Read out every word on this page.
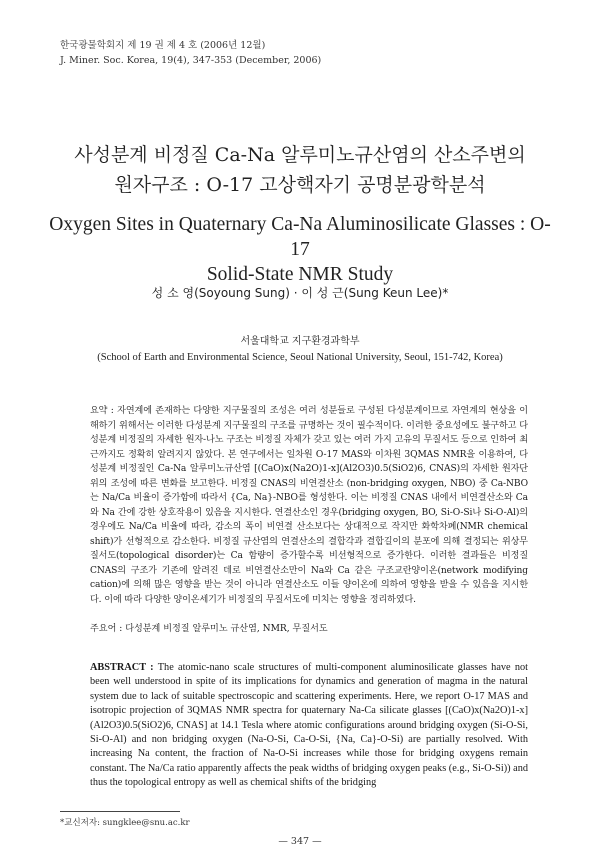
한국광물학회지 제 19 권 제 4 호 (2006년 12월)
J. Miner. Soc. Korea, 19(4), 347-353 (December, 2006)
사성분계 비정질 Ca-Na 알루미노규산염의 산소주변의
원자구조 : O-17 고상핵자기 공명분광학분석
Oxygen Sites in Quaternary Ca-Na Aluminosilicate Glasses : O-17
Solid-State NMR Study
성 소 영(Soyoung Sung) · 이 성 근(Sung Keun Lee)*
서울대학교 지구환경과학부
(School of Earth and Environmental Science, Seoul National University, Seoul, 151-742, Korea)
요약 : 자연계에 존재하는 다양한 지구물질의 조성은 여러 성분들로 구성된 다성분계이므로 자연계의 현상을 이해하기 위해서는 이러한 다성분계 지구물질의 구조를 규명하는 것이 필수적이다. 이러한 중요성에도 불구하고 다성분계 비정질의 자세한 원자-나노 구조는 비정질 자체가 갖고 있는 여러 가지 고유의 무질서도 등으로 인하여 최근까지도 정확히 알려지지 않았다. 본 연구에서는 일차원 O-17 MAS와 이차원 3QMAS NMR을 이용하여, 다성분계 비정질인 Ca-Na 알루미노규산염 [(CaO)x(Na2O)1-x](Al2O3)0.5(SiO2)6, CNAS)의 자세한 원자단위의 조성에 따른 변화를 보고한다. 비정질 CNAS의 비연결산소 (non-bridging oxygen, NBO) 중 Ca-NBO는 Na/Ca 비율이 증가함에 따라서 {Ca, Na}-NBO를 형성한다. 이는 비정질 CNAS 내에서 비연결산소와 Ca와 Na 간에 강한 상호작용이 있음을 지시한다. 연결산소인 경우(bridging oxygen, BO, Si-O-Si나 Si-O-Al)의 경우에도 Na/Ca 비율에 따라, 감소의 폭이 비연결 산소보다는 상대적으로 작지만 화학차폐(NMR chemical shift)가 선형적으로 감소한다. 비정질 규산염의 연결산소의 결합각과 결합길이의 분포에 의해 결정되는 위상무질서도(topological disorder)는 Ca 함량이 증가할수록 비선형적으로 증가한다. 이러한 결과들은 비정질 CNAS의 구조가 기존에 알려진 데로 비연결산소만이 Na와 Ca 같은 구조교란양이온(network modifying cation)에 의해 많은 영향을 받는 것이 아니라 연결산소도 이들 양이온에 의하여 영향을 받을 수 있음을 지시한다. 이에 따라 다양한 양이온세기가 비정질의 무질서도에 미치는 영향을 정리하였다.
주요어 : 다성분계 비정질 알루미노 규산염, NMR, 무질서도
ABSTRACT : The atomic-nano scale structures of multi-component aluminosilicate glasses have not been well understood in spite of its implications for dynamics and generation of magma in the natural system due to lack of suitable spectroscopic and scattering experiments. Here, we report O-17 MAS and isotropic projection of 3QMAS NMR spectra for quaternary Na-Ca silicate glasses [(CaO)x(Na2O)1-x](Al2O3)0.5(SiO2)6, CNAS] at 14.1 Tesla where atomic configurations around bridging oxygen (Si-O-Si, Si-O-Al) and non bridging oxygen (Na-O-Si, Ca-O-Si, {Na, Ca}-O-Si) are partially resolved. With increasing Na content, the fraction of Na-O-Si increases while those for bridging oxygens remain constant. The Na/Ca ratio apparently affects the peak widths of bridging oxygen peaks (e.g., Si-O-Si)) and thus the topological entropy as well as chemical shifts of the bridging
*교신저자: sungklee@snu.ac.kr
— 347 —
